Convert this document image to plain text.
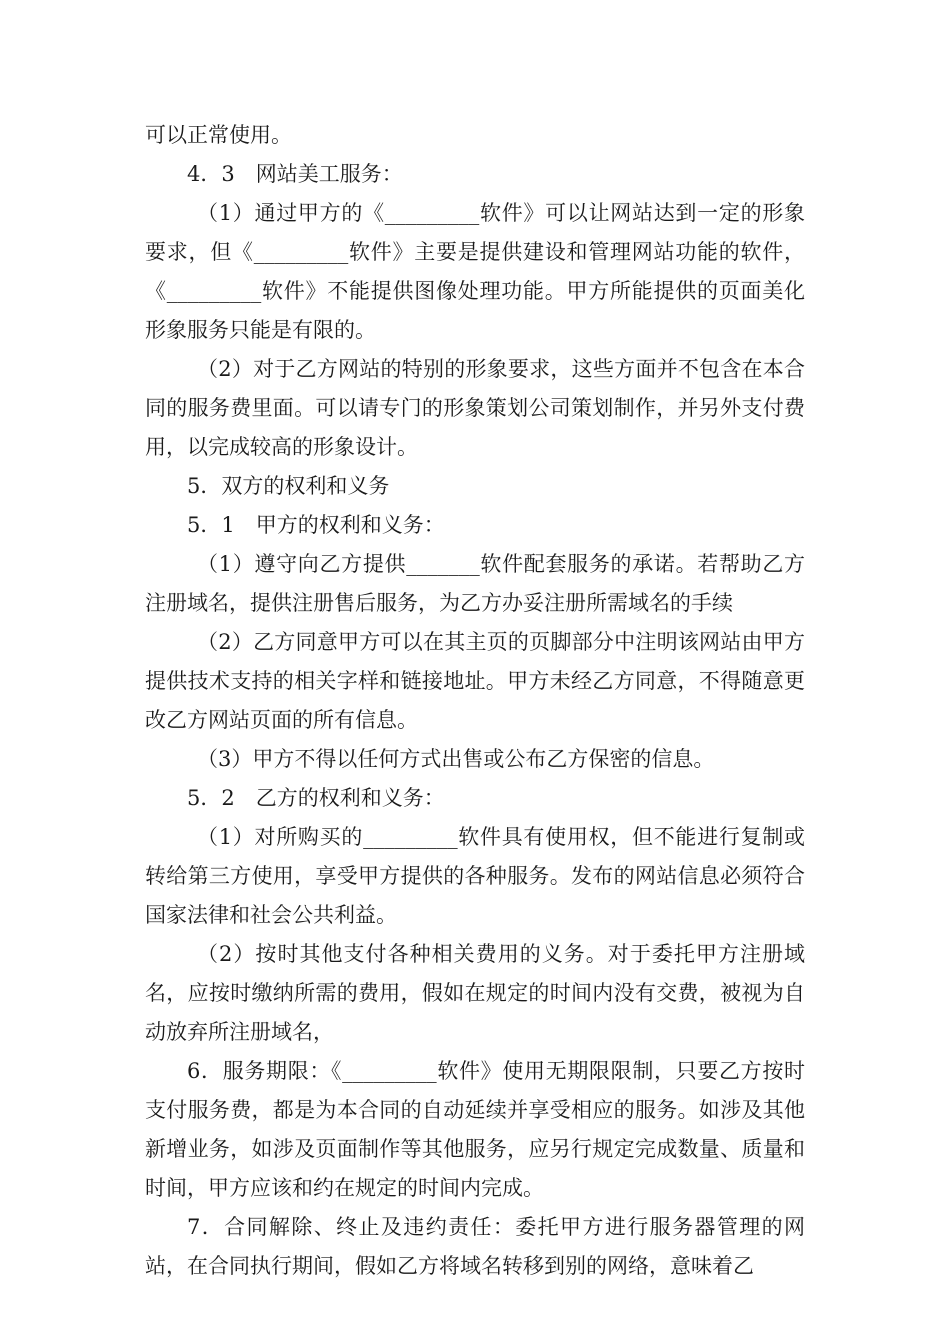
可以正常使用。

4．3　网站美工服务：

（1）通过甲方的《_________软件》可以让网站达到一定的形象要求，但《_________软件》主要是提供建设和管理网站功能的软件，《_________软件》不能提供图像处理功能。甲方所能提供的页面美化形象服务只能是有限的。

（2）对于乙方网站的特别的形象要求，这些方面并不包含在本合同的服务费里面。可以请专门的形象策划公司策划制作，并另外支付费用，以完成较高的形象设计。

5．双方的权利和义务

5．1　甲方的权利和义务：

（1）遵守向乙方提供_______软件配套服务的承诺。若帮助乙方注册域名，提供注册售后服务，为乙方办妥注册所需域名的手续

（2）乙方同意甲方可以在其主页的页脚部分中注明该网站由甲方提供技术支持的相关字样和链接地址。甲方未经乙方同意，不得随意更改乙方网站页面的所有信息。

（3）甲方不得以任何方式出售或公布乙方保密的信息。

5．2　乙方的权利和义务：

（1）对所购买的_________软件具有使用权，但不能进行复制或转给第三方使用，享受甲方提供的各种服务。发布的网站信息必须符合国家法律和社会公共利益。

（2）按时其他支付各种相关费用的义务。对于委托甲方注册域名，应按时缴纳所需的费用，假如在规定的时间内没有交费，被视为自动放弃所注册域名，

6．服务期限：《_________软件》使用无期限限制，只要乙方按时支付服务费，都是为本合同的自动延续并享受相应的服务。如涉及其他新增业务，如涉及页面制作等其他服务，应另行规定完成数量、质量和时间，甲方应该和约在规定的时间内完成。

7．合同解除、终止及违约责任：委托甲方进行服务器管理的网站，在合同执行期间，假如乙方将域名转移到别的网络，意味着乙
